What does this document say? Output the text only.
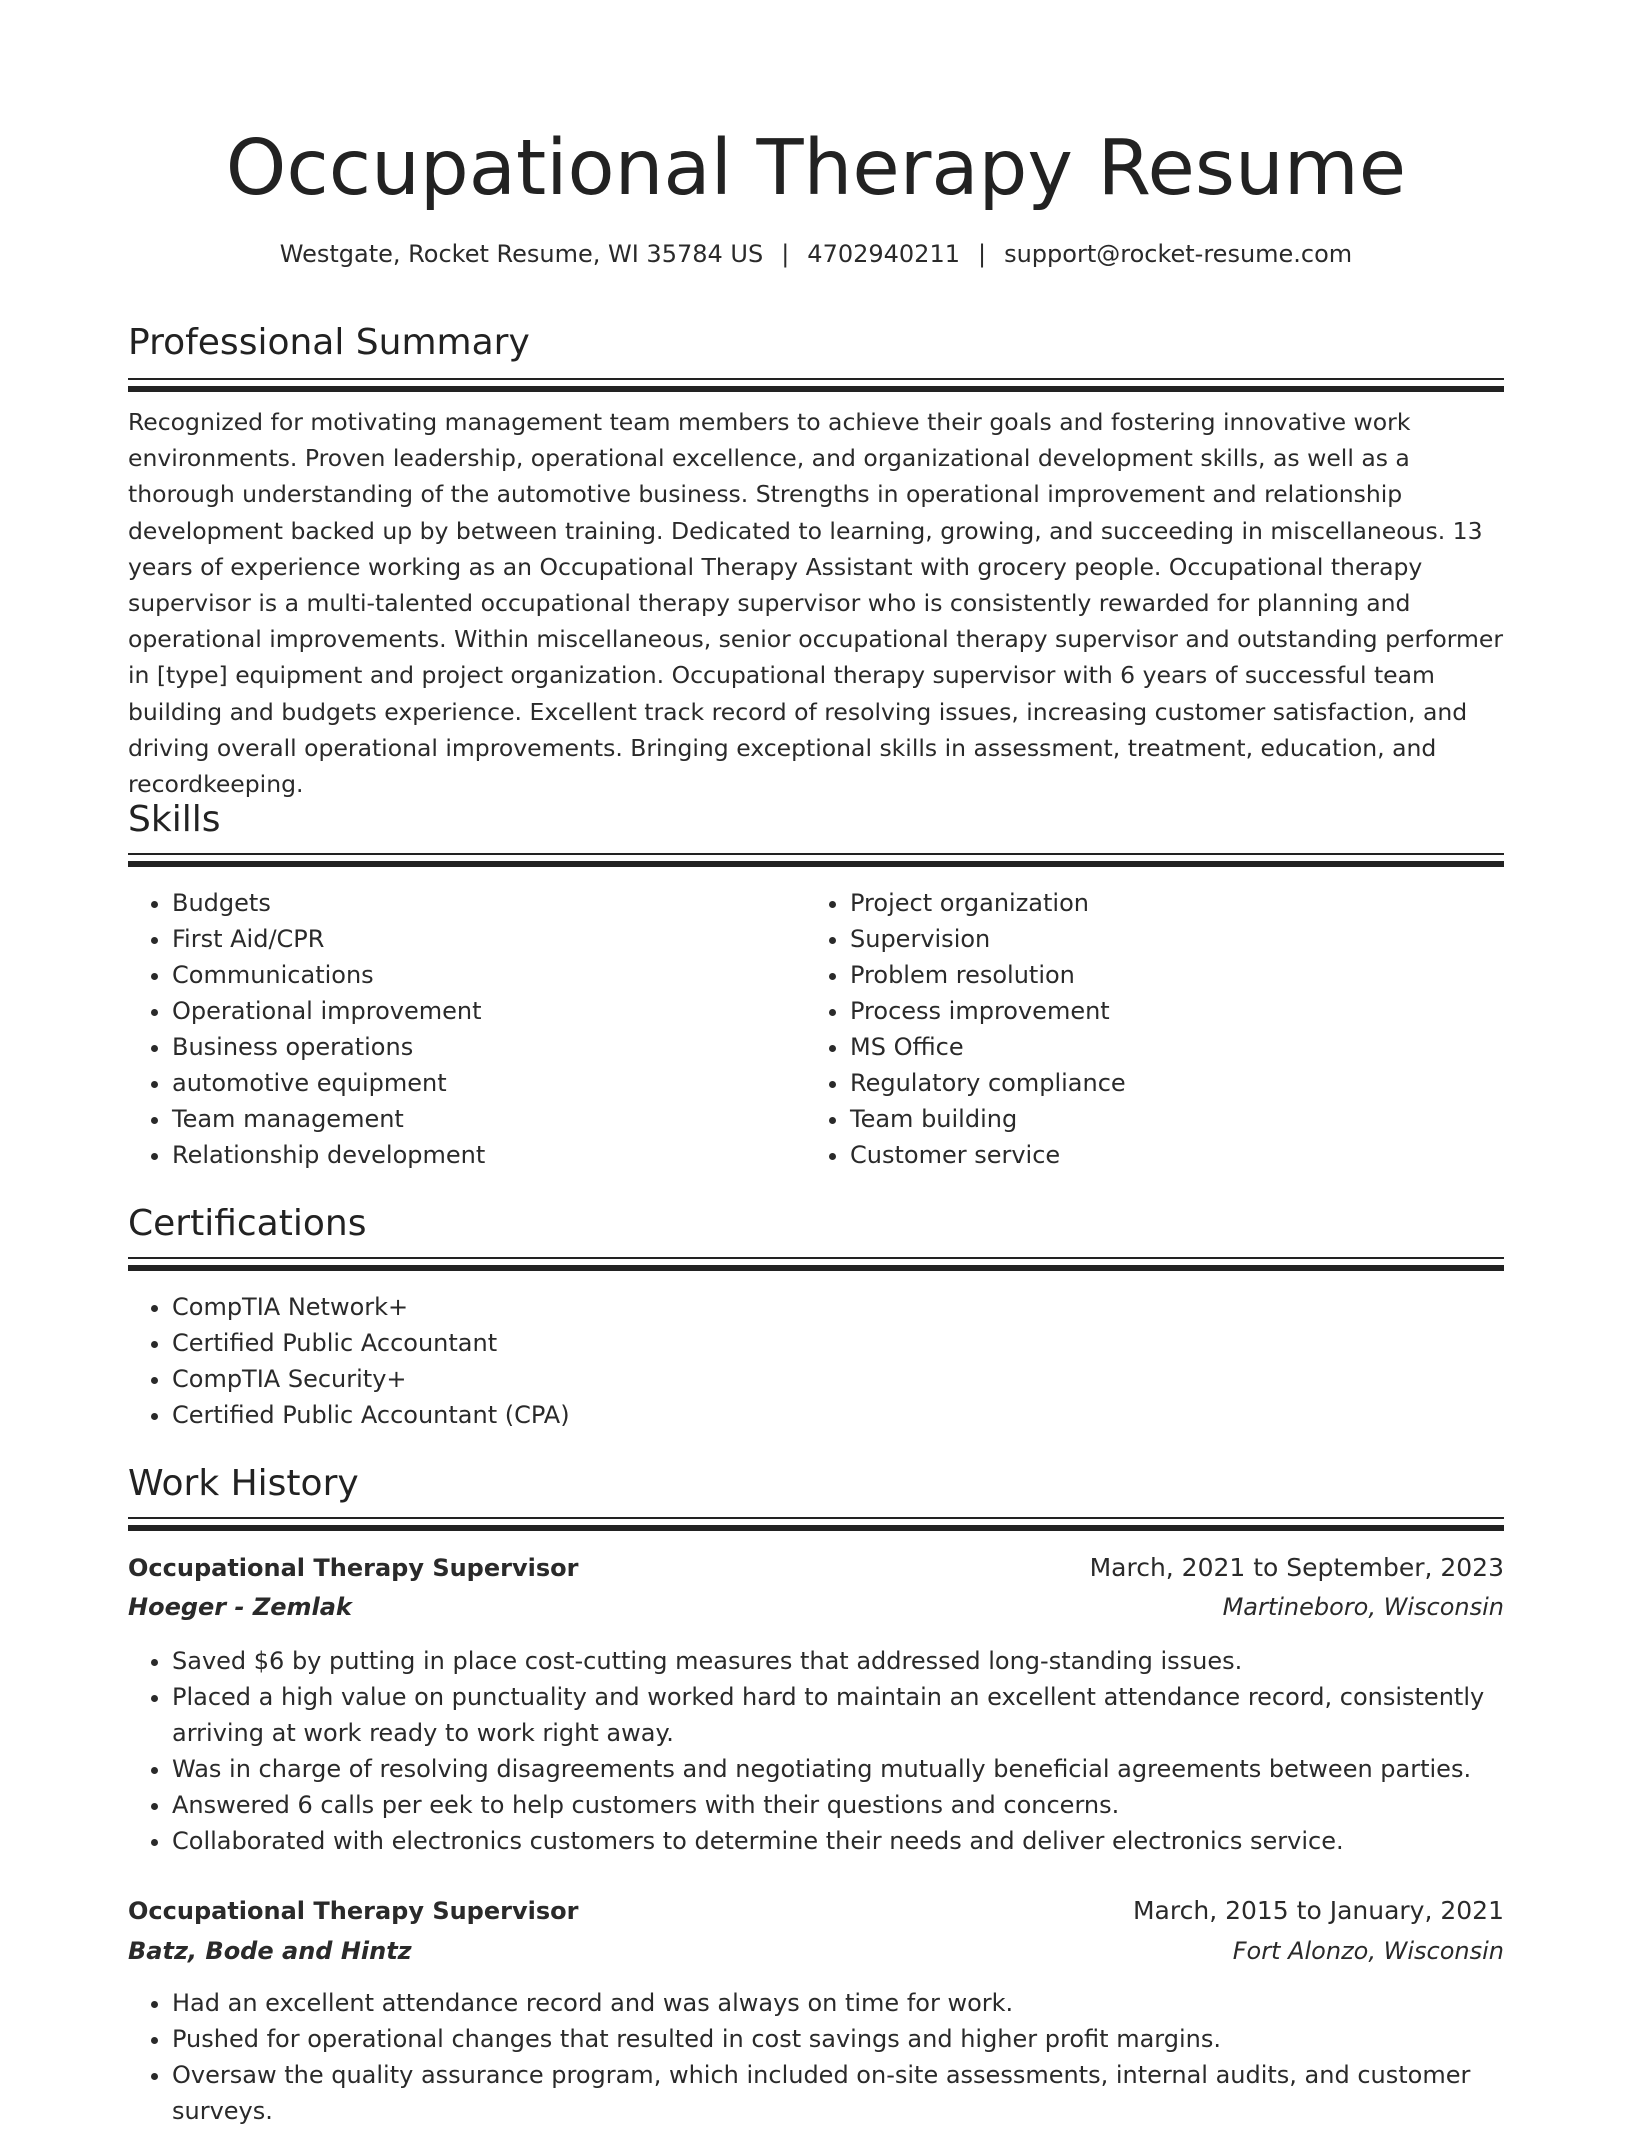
Occupational Therapy Resume
Westgate, Rocket Resume, WI 35784 US | 4702940211 | support@rocket-resume.com
Professional Summary

Recognized for motivating management team members to achieve their goals and fostering innovative work environments. Proven leadership, operational excellence, and organizational development skills, as well as a thorough understanding of the automotive business. Strengths in operational improvement and relationship development backed up by between training. Dedicated to learning, growing, and succeeding in miscellaneous. 13 years of experience working as an Occupational Therapy Assistant with grocery people. Occupational therapy supervisor is a multi-talented occupational therapy supervisor who is consistently rewarded for planning and operational improvements. Within miscellaneous, senior occupational therapy supervisor and outstanding performer in [type] equipment and project organization. Occupational therapy supervisor with 6 years of successful team building and budgets experience. Excellent track record of resolving issues, increasing customer satisfaction, and driving overall operational improvements. Bringing exceptional skills in assessment, treatment, education, and recordkeeping.

Skills
• Budgets
• First Aid/CPR
• Communications
• Operational improvement
• Business operations
• automotive equipment
• Team management
• Relationship development
• Project organization
• Supervision
• Problem resolution
• Process improvement
• MS Office
• Regulatory compliance
• Team building
• Customer service
Certifications
• CompTIA Network+
• Certified Public Accountant
• CompTIA Security+
• Certified Public Accountant (CPA)
Work History
Occupational Therapy Supervisor	March, 2021 to September, 2023
Hoeger - Zemlak	Martineboro, Wisconsin
• Saved $6 by putting in place cost-cutting measures that addressed long-standing issues.
• Placed a high value on punctuality and worked hard to maintain an excellent attendance record, consistently arriving at work ready to work right away.
• Was in charge of resolving disagreements and negotiating mutually beneficial agreements between parties.
• Answered 6 calls per eek to help customers with their questions and concerns.
• Collaborated with electronics customers to determine their needs and deliver electronics service.
Occupational Therapy Supervisor	March, 2015 to January, 2021
Batz, Bode and Hintz	Fort Alonzo, Wisconsin
• Had an excellent attendance record and was always on time for work.
• Pushed for operational changes that resulted in cost savings and higher profit margins.
• Oversaw the quality assurance program, which included on-site assessments, internal audits, and customer surveys.
